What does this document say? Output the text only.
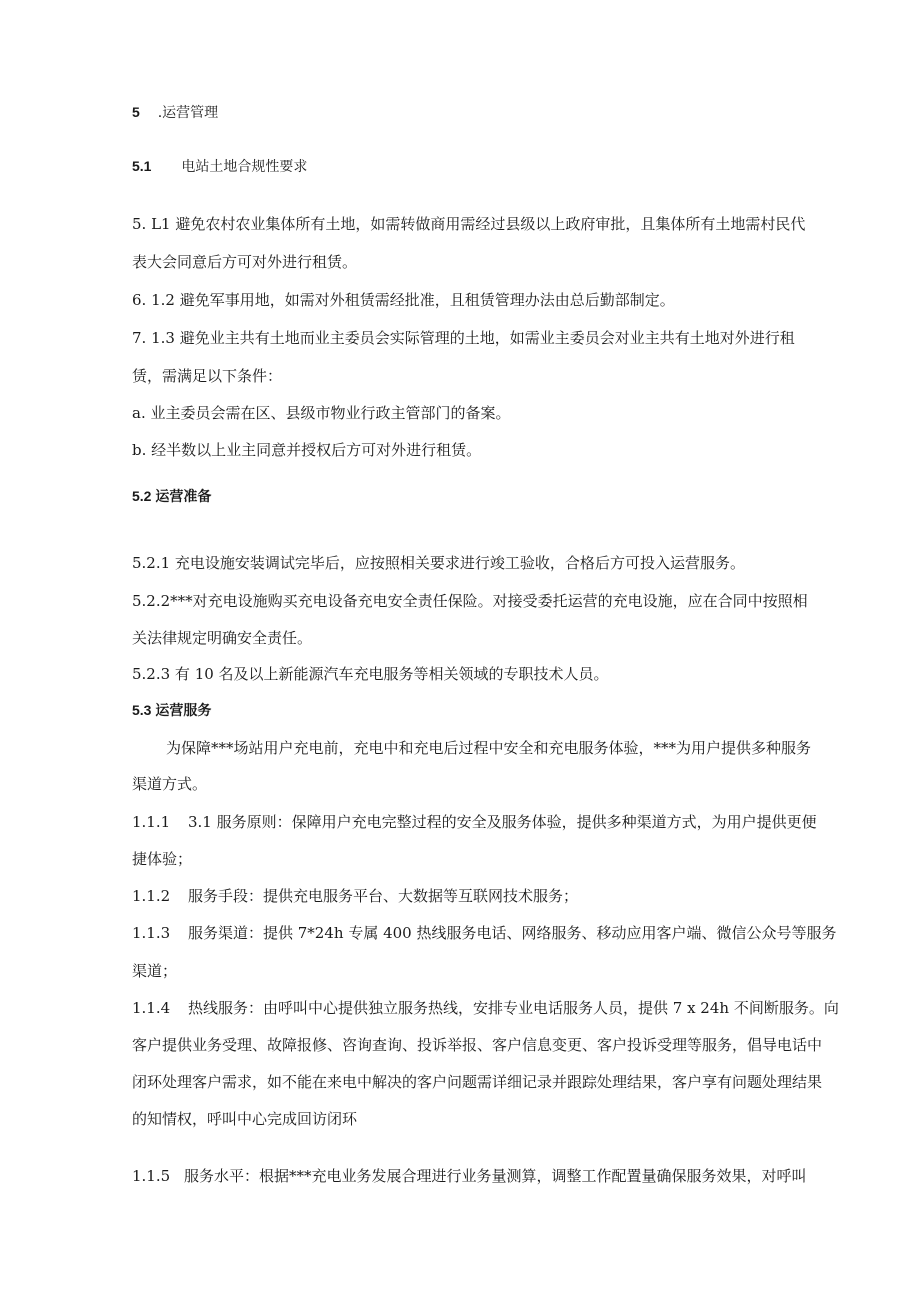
5 .运营管理
5.1 电站土地合规性要求
5. L1 避免农村农业集体所有土地，如需转做商用需经过县级以上政府审批，且集体所有土地需村民代
表大会同意后方可对外进行租赁。
6. 1.2 避免军事用地，如需对外租赁需经批准，且租赁管理办法由总后勤部制定。
7. 1.3 避免业主共有土地而业主委员会实际管理的土地，如需业主委员会对业主共有土地对外进行租
赁，需满足以下条件：
a. 业主委员会需在区、县级市物业行政主管部门的备案。
b. 经半数以上业主同意并授权后方可对外进行租赁。
5.2 运营准备
5.2.1 充电设施安装调试完毕后，应按照相关要求进行竣工验收，合格后方可投入运营服务。
5.2.2***对充电设施购买充电设备充电安全责任保险。对接受委托运营的充电设施，应在合同中按照相
关法律规定明确安全责任。
5.2.3 有 10 名及以上新能源汽车充电服务等相关领域的专职技术人员。
5.3 运营服务
为保障***场站用户充电前，充电中和充电后过程中安全和充电服务体验，***为用户提供多种服务
渠道方式。
1.1.1 3.1 服务原则：保障用户充电完整过程的安全及服务体验，提供多种渠道方式，为用户提供更便
捷体验；
1.1.2 服务手段：提供充电服务平台、大数据等互联网技术服务；
1.1.3 服务渠道：提供 7*24h 专属 400 热线服务电话、网络服务、移动应用客户端、微信公众号等服务
渠道；
1.1.4 热线服务：由呼叫中心提供独立服务热线，安排专业电话服务人员，提供 7 x 24h 不间断服务。向
客户提供业务受理、故障报修、咨询查询、投诉举报、客户信息变更、客户投诉受理等服务，倡导电话中
闭环处理客户需求，如不能在来电中解决的客户问题需详细记录并跟踪处理结果，客户享有问题处理结果
的知情权，呼叫中心完成回访闭环
1.1.5 服务水平：根据***充电业务发展合理进行业务量测算，调整工作配置量确保服务效果，对呼叫
